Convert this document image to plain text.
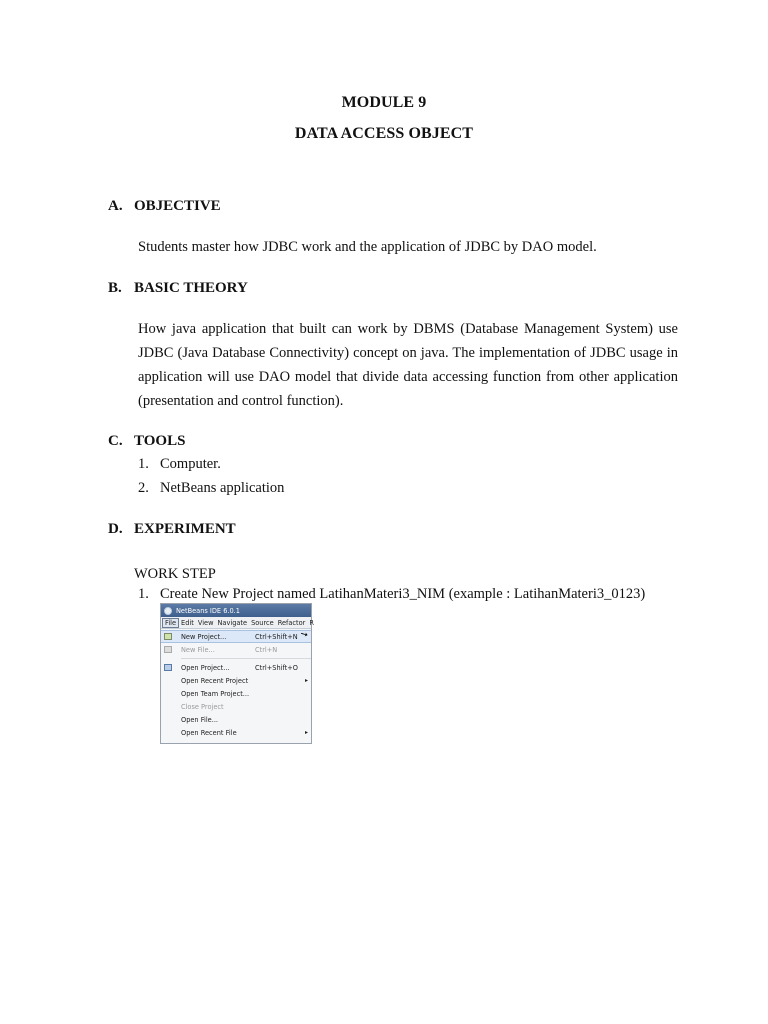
MODULE 9
DATA ACCESS OBJECT
A. OBJECTIVE
Students master how JDBC work and the application of JDBC by DAO model.
B. BASIC THEORY
How java application that built can work by DBMS (Database Management System) use JDBC (Java Database Connectivity) concept on java. The implementation of JDBC usage in application will use DAO model that divide data accessing function from other application (presentation and control function).
C. TOOLS
1. Computer.
2. NetBeans application
D. EXPERIMENT
WORK STEP
1. Create New Project named LatihanMateri3_NIM (example : LatihanMateri3_0123)
NetBeans IDE 6.0.1
File Edit View Navigate Source Refactor R
New Project...	Ctrl+Shift+N
New File...	Ctrl+N
Open Project...	Ctrl+Shift+O
Open Recent Project	▸
Open Team Project...
Close Project
Open File...
Open Recent File	▸
➘
